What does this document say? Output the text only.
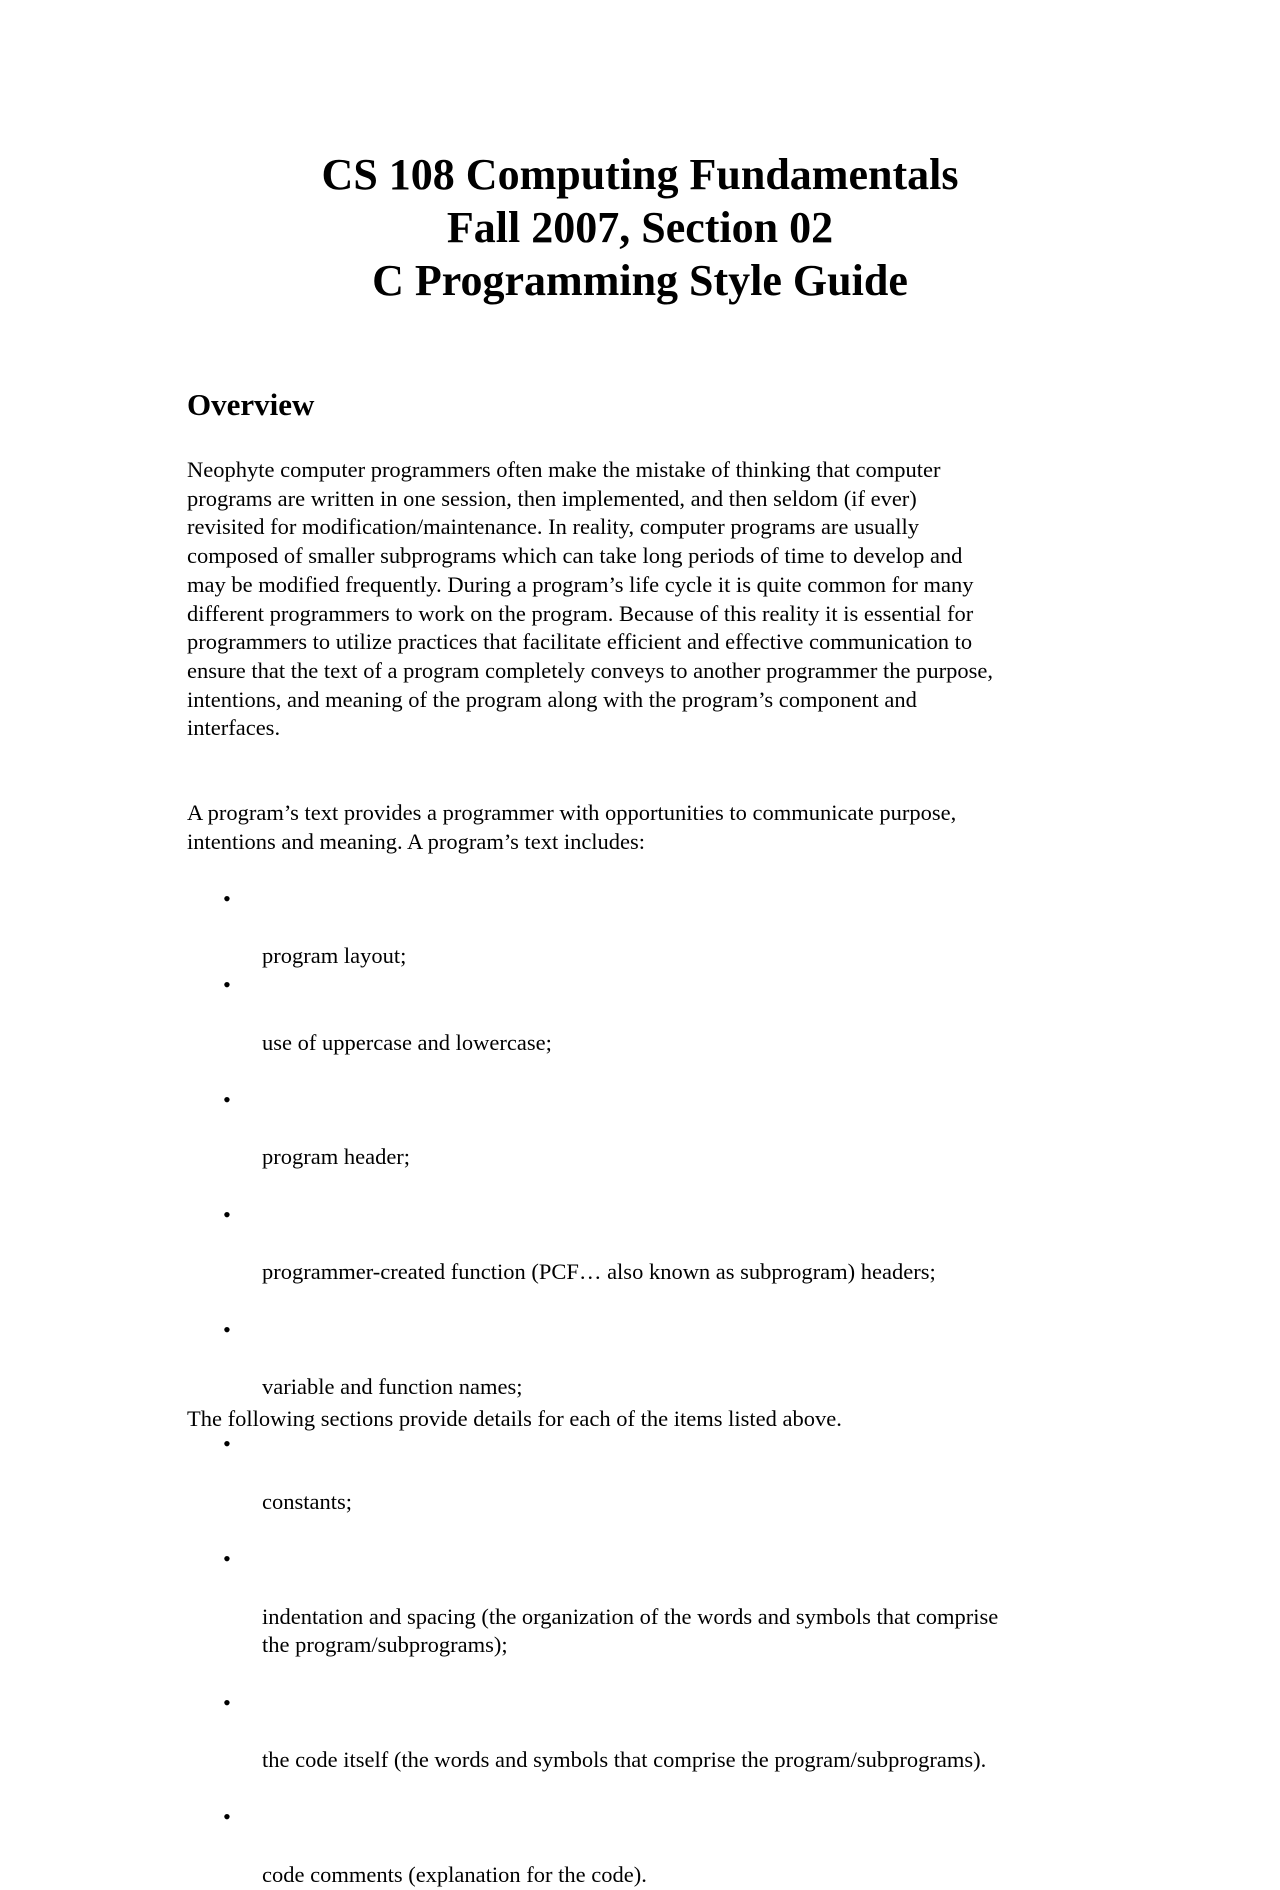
CS 108 Computing Fundamentals
Fall 2007, Section 02
C Programming Style Guide
Overview

Neophyte computer programmers often make the mistake of thinking that computer
programs are written in one session, then implemented, and then seldom (if ever)
revisited for modification/maintenance. In reality, computer programs are usually
composed of smaller subprograms which can take long periods of time to develop and
may be modified frequently. During a program’s life cycle it is quite common for many
different programmers to work on the program. Because of this reality it is essential for
programmers to utilize practices that facilitate efficient and effective communication to
ensure that the text of a program completely conveys to another programmer the purpose,
intentions, and meaning of the program along with the program’s component and
interfaces.

A program’s text provides a programmer with opportunities to communicate purpose,
intentions and meaning. A program’s text includes:

•

program layout;

•

use of uppercase and lowercase;

•

program header;

•

programmer-created function (PCF… also known as subprogram) headers;

•

variable and function names;

•

constants;

•

indentation and spacing (the organization of the words and symbols that comprise
the program/subprograms);

•

the code itself (the words and symbols that comprise the program/subprograms).

•

code comments (explanation for the code).

The following sections provide details for each of the items listed above.
